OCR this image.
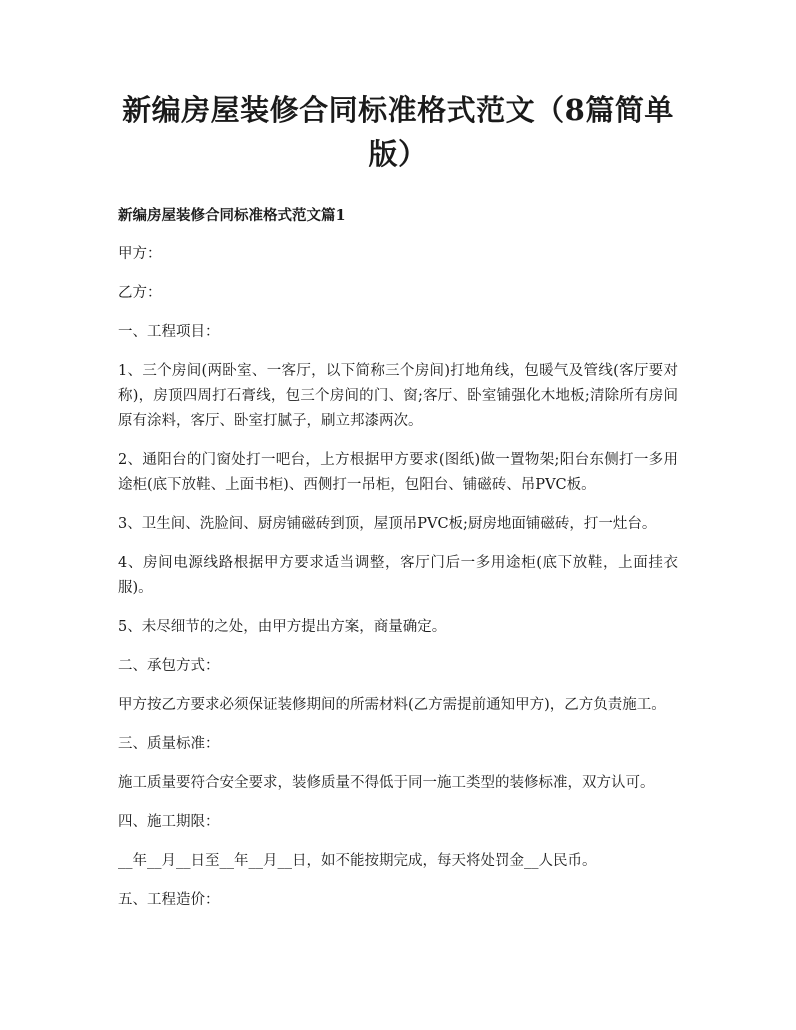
新编房屋装修合同标准格式范文（8篇简单版）
新编房屋装修合同标准格式范文篇1

甲方：

乙方：

一、工程项目：

1、三个房间(两卧室、一客厅，以下简称三个房间)打地角线，包暖气及管线(客厅要对称)，房顶四周打石膏线，包三个房间的门、窗;客厅、卧室铺强化木地板;清除所有房间原有涂料，客厅、卧室打腻子，刷立邦漆两次。

2、通阳台的门窗处打一吧台，上方根据甲方要求(图纸)做一置物架;阳台东侧打一多用途柜(底下放鞋、上面书柜)、西侧打一吊柜，包阳台、铺磁砖、吊PVC板。

3、卫生间、洗脸间、厨房铺磁砖到顶，屋顶吊PVC板;厨房地面铺磁砖，打一灶台。

4、房间电源线路根据甲方要求适当调整，客厅门后一多用途柜(底下放鞋，上面挂衣服)。

5、未尽细节的之处，由甲方提出方案，商量确定。

二、承包方式：

甲方按乙方要求必须保证装修期间的所需材料(乙方需提前通知甲方)，乙方负责施工。

三、质量标准：

施工质量要符合安全要求，装修质量不得低于同一施工类型的装修标准，双方认可。

四、施工期限：

__年__月__日至__年__月__日，如不能按期完成，每天将处罚金__人民币。

五、工程造价：
